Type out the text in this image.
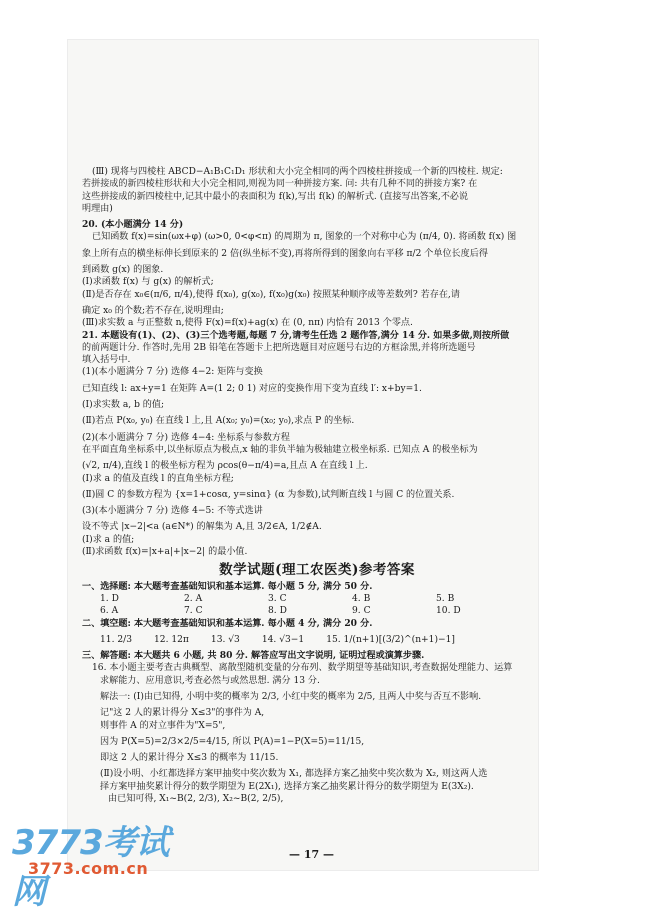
(Ⅲ) 现将与四棱柱 ABCD−A₁B₁C₁D₁ 形状和大小完全相同的两个四棱柱拼接成一个新的四棱柱. 规定:

若拼接成的新四棱柱形状和大小完全相同,则视为同一种拼接方案. 问: 共有几种不同的拼接方案? 在

这些拼接成的新四棱柱中,记其中最小的表面积为 f(k),写出 f(k) 的解析式. (直接写出答案,不必说

明理由)

20. (本小题满分 14 分)

已知函数 f(x)=sin(ωx+φ) (ω>0, 0<φ<π) 的周期为 π, 图象的一个对称中心为 (π/4, 0). 将函数 f(x) 图

象上所有点的横坐标伸长到原来的 2 倍(纵坐标不变),再将所得到的图象向右平移 π/2 个单位长度后得

到函数 g(x) 的图象.

(Ⅰ)求函数 f(x) 与 g(x) 的解析式;

(Ⅱ)是否存在 x₀∈(π/6, π/4),使得 f(x₀), g(x₀), f(x₀)g(x₀) 按照某种顺序成等差数列? 若存在,请

确定 x₀ 的个数;若不存在,说明理由;

(Ⅲ)求实数 a 与正整数 n,使得 F(x)=f(x)+ag(x) 在 (0, nπ) 内恰有 2013 个零点.

21. 本题设有(1)、(2)、(3)三个选考题,每题 7 分,请考生任选 2 题作答,满分 14 分. 如果多做,则按所做

的前两题计分. 作答时,先用 2B 铅笔在答题卡上把所选题目对应题号右边的方框涂黑,并将所选题号

填入括号中.

(1)(本小题满分 7 分) 选修 4−2: 矩阵与变换

已知直线 l: ax+y=1 在矩阵 A=(1 2; 0 1) 对应的变换作用下变为直线 l′: x+by=1.

(Ⅰ)求实数 a, b 的值;

(Ⅱ)若点 P(x₀, y₀) 在直线 l 上,且 A(x₀; y₀)=(x₀; y₀),求点 P 的坐标.

(2)(本小题满分 7 分) 选修 4−4: 坐标系与参数方程

在平面直角坐标系中,以坐标原点为极点,x 轴的非负半轴为极轴建立极坐标系. 已知点 A 的极坐标为

(√2, π/4),直线 l 的极坐标方程为 ρcos(θ−π/4)=a,且点 A 在直线 l 上.

(Ⅰ)求 a 的值及直线 l 的直角坐标方程;

(Ⅱ)圆 C 的参数方程为 {x=1+cosα, y=sinα} (α 为参数),试判断直线 l 与圆 C 的位置关系.

(3)(本小题满分 7 分) 选修 4−5: 不等式选讲

设不等式 |x−2|<a (a∈N*) 的解集为 A,且 3/2∈A, 1/2∉A.

(Ⅰ)求 a 的值;

(Ⅱ)求函数 f(x)=|x+a|+|x−2| 的最小值.

数学试题(理工农医类)参考答案

一、选择题: 本大题考查基础知识和基本运算. 每小题 5 分, 满分 50 分.

1. D	2. A	3. C	4. B	5. B
6. A	7. C	8. D	9. C	10. D

二、填空题: 本大题考查基础知识和基本运算. 每小题 4 分, 满分 20 分.

11. 2/3 12. 12π 13. √3 14. √3−1 15. 1/(n+1)[(3/2)^(n+1)−1]

三、解答题: 本大题共 6 小题, 共 80 分. 解答应写出文字说明, 证明过程或演算步骤.

16. 本小题主要考查古典概型、离散型随机变量的分布列、数学期望等基础知识,考查数据处理能力、运算

求解能力、应用意识,考查必然与或然思想. 满分 13 分.

解法一: (Ⅰ)由已知得, 小明中奖的概率为 2/3, 小红中奖的概率为 2/5, 且两人中奖与否互不影响.

记"这 2 人的累计得分 X≤3"的事件为 A,

则事件 A 的对立事件为"X=5",

因为 P(X=5)=2/3×2/5=4/15, 所以 P(A)=1−P(X=5)=11/15,

即这 2 人的累计得分 X≤3 的概率为 11/15.

(Ⅱ)设小明、小红都选择方案甲抽奖中奖次数为 X₁, 都选择方案乙抽奖中奖次数为 X₂, 则这两人选

择方案甲抽奖累计得分的数学期望为 E(2X₁), 选择方案乙抽奖累计得分的数学期望为 E(3X₂).

由已知可得, X₁~B(2, 2/3), X₂~B(2, 2/5),

— 17 —
3773考试网
3773.com.cn
